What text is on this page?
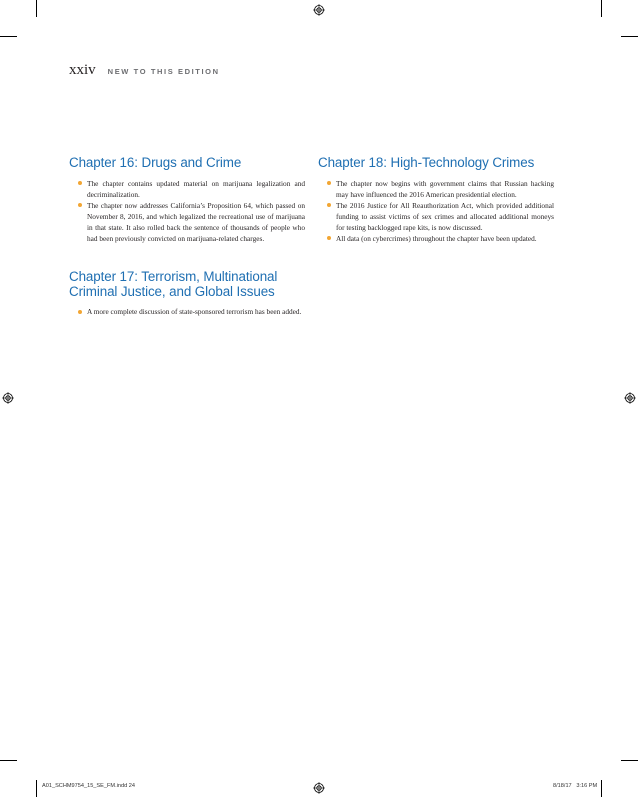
xxiv NEW TO THIS EDITION
Chapter 16: Drugs and Crime
The chapter contains updated material on marijuana legalization and decriminalization.
The chapter now addresses California’s Proposition 64, which passed on November 8, 2016, and which legalized the recreational use of marijuana in that state. It also rolled back the sentence of thousands of people who had been previously convicted on marijuana-related charges.
Chapter 17: Terrorism, Multinational Criminal Justice, and Global Issues
A more complete discussion of state-sponsored terrorism has been added.
Chapter 18: High-Technology Crimes
The chapter now begins with government claims that Russian hacking may have influenced the 2016 American presidential election.
The 2016 Justice for All Reauthorization Act, which provided additional funding to assist victims of sex crimes and allocated additional moneys for testing backlogged rape kits, is now discussed.
All data (on cybercrimes) throughout the chapter have been updated.
A01_SCHM9754_15_SE_FM.indd 24	8/18/17   3:16 PM
